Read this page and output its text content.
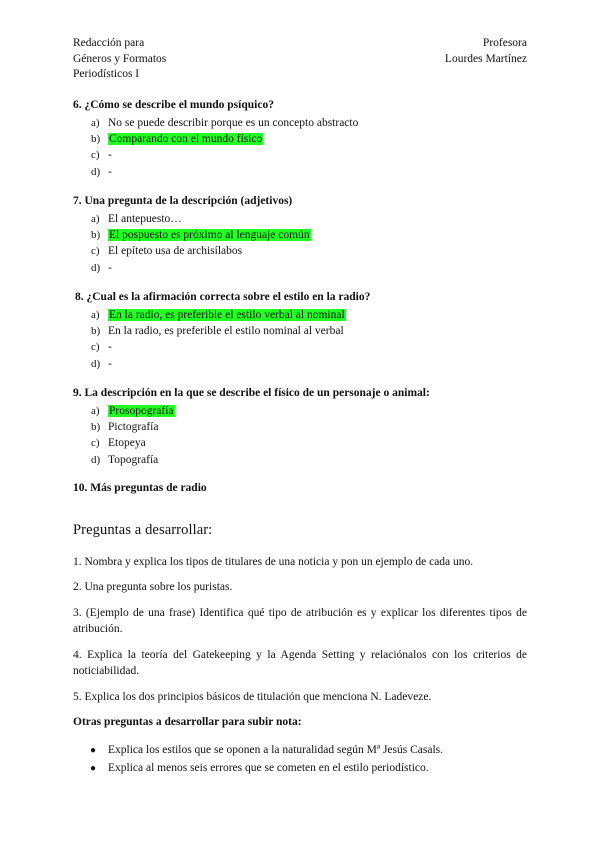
Redacción para
Géneros y Formatos
Periodísticos I
Profesora
Lourdes Martínez
6. ¿Cómo se describe el mundo psíquico?
a) No se puede describir porque es un concepto abstracto
b) Comparando con el mundo físico
c) -
d) -
7. Una pregunta de la descripción (adjetivos)
a) El antepuesto…
b) El pospuesto es próximo al lenguaje común
c) El epíteto usa de archisílabos
d) -
8. ¿Cual es la afirmación correcta sobre el estilo en la radio?
a) En la radio, es preferible el estilo verbal al nominal
b) En la radio, es preferible el estilo nominal al verbal
c) -
d) -
9. La descripción en la que se describe el físico de un personaje o animal:
a) Prosopografía
b) Pictografía
c) Etopeya
d) Topografía
10. Más preguntas de radio
Preguntas a desarrollar:

1. Nombra y explica los tipos de titulares de una noticia y pon un ejemplo de cada uno.

2. Una pregunta sobre los puristas.

3. (Ejemplo de una frase) Identifica qué tipo de atribución es y explicar los diferentes tipos de atribución.

4. Explica la teoría del Gatekeeping y la Agenda Setting y relaciónalos con los criterios de noticiabilidad.

5. Explica los dos principios básicos de titulación que menciona N. Ladeveze.

Otras preguntas a desarrollar para subir nota:
● Explica los estilos que se oponen a la naturalidad según Mª Jesús Casals.
● Explica al menos seis errores que se cometen en el estilo periodístico.
